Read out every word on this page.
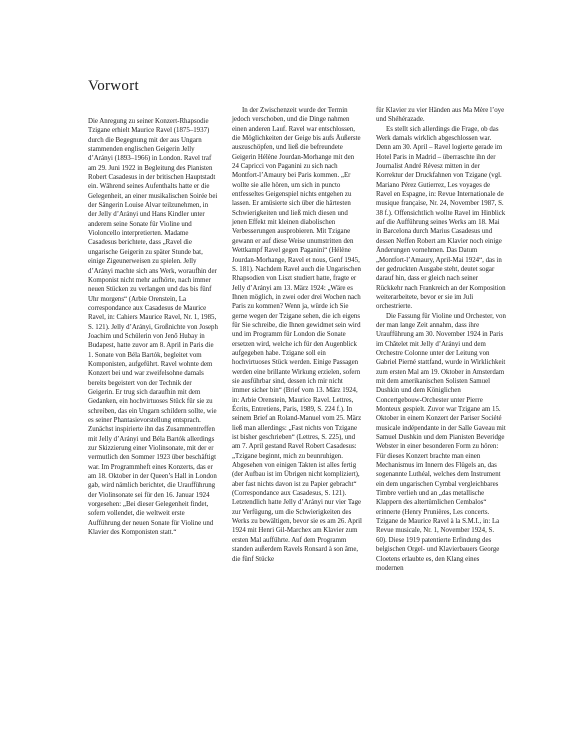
Vorwort

Die Anregung zu seiner Konzert-Rhapsodie Tzigane erhielt Maurice Ravel (1875–1937) durch die Begegnung mit der aus Ungarn stammenden englischen Geigerin Jelly d’Arányi (1893–1966) in London. Ravel traf am 29. Juni 1922 in Begleitung des Pianisten Robert Casadesus in der britischen Hauptstadt ein. Während seines Aufenthalts hatte er die Gelegenheit, an einer musikalischen Soirée bei der Sängerin Louise Alvar teilzunehmen, in der Jelly d’Arányi und Hans Kindler unter anderem seine Sonate für Violine und Violoncello interpretierten. Madame Casadesus berichtete, dass „Ravel die ungarische Geigerin zu später Stunde bat, einige Zigeunerweisen zu spielen. Jelly d’Arányi machte sich ans Werk, woraufhin der Komponist nicht mehr aufhörte, nach immer neuen Stücken zu verlangen und das bis fünf Uhr morgens“ (Arbie Orenstein, La correspondance aux Casadesus de Maurice Ravel, in: Cahiers Maurice Ravel, Nr. 1, 1985, S. 121). Jelly d’Arányi, Großnichte von Joseph Joachim und Schülerin von Jenő Hubay in Budapest, hatte zuvor am 8. April in Paris die 1. Sonate von Béla Bartók, begleitet vom Komponisten, aufgeführt. Ravel wohnte dem Konzert bei und war zweifelsohne damals bereits begeistert von der Technik der Geigerin. Er trug sich daraufhin mit dem Gedanken, ein hochvirtuoses Stück für sie zu schreiben, das ein Ungarn schildern sollte, wie es seiner Phantasievorstellung entsprach. Zunächst inspirierte ihn das Zusammentreffen mit Jelly d’Arányi und Béla Bartók allerdings zur Skizzierung einer Violinsonate, mit der er vermutlich den Sommer 1923 über beschäftigt war. Im Programmheft eines Konzerts, das er am 18. Oktober in der Queen’s Hall in London gab, wird nämlich berichtet, die Uraufführung der Violinsonate sei für den 16. Januar 1924 vorgesehen: „Bei dieser Gelegenheit findet, sofern vollendet, die weltweit erste Aufführung der neuen Sonate für Violine und Klavier des Komponisten statt.“

In der Zwischenzeit wurde der Termin jedoch verschoben, und die Dinge nahmen einen anderen Lauf. Ravel war entschlossen, die Möglichkeiten der Geige bis aufs Äußerste auszuschöpfen, und ließ die befreundete Geigerin Hélène Jourdan-Morhange mit den 24 Capricci von Paganini zu sich nach Montfort-l’Amaury bei Paris kommen. „Er wollte sie alle hören, um sich in puncto entfesseltes Geigenspiel nichts entgehen zu lassen. Er amüsierte sich über die härtesten Schwierigkeiten und ließ mich diesen und jenen Effekt mit kleinen diabolischen Verbesserungen ausprobieren. Mit Tzigane gewann er auf diese Weise unumstritten den Wettkampf Ravel gegen Paganini“ (Hélène Jourdan-Morhange, Ravel et nous, Genf 1945, S. 181). Nachdem Ravel auch die Ungarischen Rhapsodien von Liszt studiert hatte, fragte er Jelly d’Arányi am 13. März 1924: „Wäre es Ihnen möglich, in zwei oder drei Wochen nach Paris zu kommen? Wenn ja, würde ich Sie gerne wegen der Tzigane sehen, die ich eigens für Sie schreibe, die Ihnen gewidmet sein wird und im Programm für London die Sonate ersetzen wird, welche ich für den Augenblick aufgegeben habe. Tzigane soll ein hochvirtuoses Stück werden. Einige Passagen werden eine brillante Wirkung erzielen, sofern sie ausführbar sind, dessen ich mir nicht immer sicher bin“ (Brief vom 13. März 1924, in: Arbie Orenstein, Maurice Ravel. Lettres, Écrits, Entretiens, Paris, 1989, S. 224 f.). In seinem Brief an Roland-Manuel vom 25. März ließ man allerdings: „Fast nichts von Tzigane ist bisher geschrieben“ (Lettres, S. 225), und am 7. April gestand Ravel Robert Casadesus: „Tzigane beginnt, mich zu beunruhigen. Abgesehen von einigen Takten ist alles fertig (der Aufbau ist im Übrigen nicht kompliziert), aber fast nichts davon ist zu Papier gebracht“ (Correspondance aux Casadesus, S. 121). Letztendlich hatte Jelly d’Arányi nur vier Tage zur Verfügung, um die Schwierigkeiten des Werks zu bewältigen, bevor sie es am 26. April 1924 mit Henri Gil-Marchex am Klavier zum ersten Mal aufführte. Auf dem Programm standen außerdem Ravels Ronsard à son âme, die fünf Stücke

für Klavier zu vier Händen aus Ma Mère l’oye und Shéhérazade.

Es stellt sich allerdings die Frage, ob das Werk damals wirklich abgeschlossen war. Denn am 30. April – Ravel logierte gerade im Hotel Paris in Madrid – überraschte ihn der Journalist André Révesz mitten in der Korrektur der Druckfahnen von Tzigane (vgl. Mariano Pérez Gutierrez, Les voyages de Ravel en Espagne, in: Revue Internationale de musique française, Nr. 24, November 1987, S. 38 f.). Offensichtlich wollte Ravel im Hinblick auf die Aufführung seines Werks am 18. Mai in Barcelona durch Marius Casadesus und dessen Neffen Robert am Klavier noch einige Änderungen vornehmen. Das Datum „Montfort-l’Amaury, April-Mai 1924“, das in der gedruckten Ausgabe steht, deutet sogar darauf hin, dass er gleich nach seiner Rückkehr nach Frankreich an der Komposition weiterarbeitete, bevor er sie im Juli orchestrierte.

Die Fassung für Violine und Orchester, von der man lange Zeit annahm, dass ihre Uraufführung am 30. November 1924 in Paris im Châtelet mit Jelly d’Arányi und dem Orchestre Colonne unter der Leitung von Gabriel Pierné stattfand, wurde in Wirklichkeit zum ersten Mal am 19. Oktober in Amsterdam mit dem amerikanischen Solisten Samuel Dushkin und dem Königlichen Concertgebouw-Orchester unter Pierre Monteux gespielt. Zuvor war Tzigane am 15. Oktober in einem Konzert der Pariser Société musicale indépendante in der Salle Gaveau mit Samuel Dushkin und dem Pianisten Beveridge Webster in einer besonderen Form zu hören: Für dieses Konzert brachte man einen Mechanismus im Innern des Flügels an, das sogenannte Luthéal, welches dem Instrument ein dem ungarischen Cymbal vergleichbares Timbre verlieh und an „das metallische Klappern des altertümlichen Cembalos“ erinnerte (Henry Prunières, Les concerts. Tzigane de Maurice Ravel à la S.M.I., in: La Revue musicale, Nr. 1, November 1924, S. 60). Diese 1919 patentierte Erfindung des belgischen Orgel- und Klavierbauers George Cloetens erlaubte es, den Klang eines modernen
